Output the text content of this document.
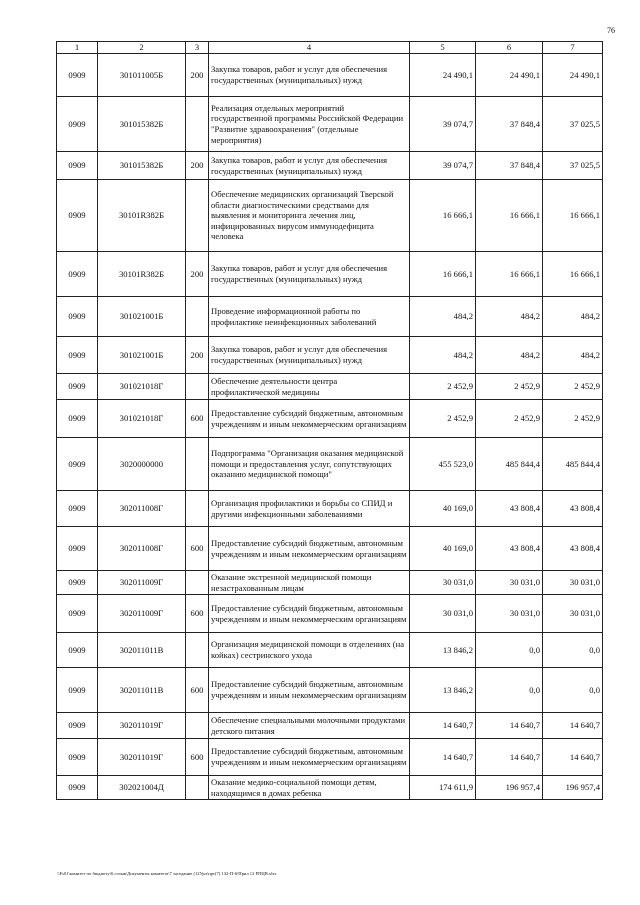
76
1	2	3	4	5	6	7
0909	301011005Б	200	Закупка товаров, работ и услуг для обеспечения государственных (муниципальных) нужд	24 490,1	24 490,1	24 490,1
0909	301015382Б		Реализация отдельных мероприятий государственной программы Российской Федерации "Развитие здравоохранения" (отдельные мероприятия)	39 074,7	37 848,4	37 025,5
0909	301015382Б	200	Закупка товаров, работ и услуг для обеспечения государственных (муниципальных) нужд	39 074,7	37 848,4	37 025,5
0909	30101R382Б		Обеспечение медицинских организаций Тверской области диагностическими средствами для выявления и мониторинга лечения лиц, инфицированных вирусом иммунодефицита человека	16 666,1	16 666,1	16 666,1
0909	30101R382Б	200	Закупка товаров, работ и услуг для обеспечения государственных (муниципальных) нужд	16 666,1	16 666,1	16 666,1
0909	301021001Б		Проведение информационной работы по профилактике неинфекционных заболеваний	484,2	484,2	484,2
0909	301021001Б	200	Закупка товаров, работ и услуг для обеспечения государственных (муниципальных) нужд	484,2	484,2	484,2
0909	301021018Г		Обеспечение деятельности центра профилактической медицины	2 452,9	2 452,9	2 452,9
0909	301021018Г	600	Предоставление субсидий бюджетным, автономным учреждениям и иным некоммерческим организациям	2 452,9	2 452,9	2 452,9
0909	3020000000		Подпрограмма "Организация оказания медицинской помощи и предоставления услуг, сопутствующих оказанию медицинской помощи"	455 523,0	485 844,4	485 844,4
0909	302011008Г		Организация профилактики и борьбы со СПИД и другими инфекционными заболеваниями	40 169,0	43 808,4	43 808,4
0909	302011008Г	600	Предоставление субсидий бюджетным, автономным учреждениям и иным некоммерческим организациям	40 169,0	43 808,4	43 808,4
0909	302011009Г		Оказание экстренной медицинской помощи незастрахованным лицам	30 031,0	30 031,0	30 031,0
0909	302011009Г	600	Предоставление субсидий бюджетным, автономным учреждениям и иным некоммерческим организациям	30 031,0	30 031,0	30 031,0
0909	302011011В		Организация медицинской помощи в отделениях (на койках) сестринского ухода	13 846,2	0,0	0,0
0909	302011011В	600	Предоставление субсидий бюджетным, автономным учреждениям и иным некоммерческим организациям	13 846,2	0,0	0,0
0909	302011019Г		Обеспечение специальными молочными продуктами детского питания	14 640,7	14 640,7	14 640,7
0909	302011019Г	600	Предоставление субсидий бюджетным, автономным учреждениям и иным некоммерческим организациям	14 640,7	14 640,7	14 640,7
0909	302021004Д		Оказание медико-социальной помощи детям, находящимся в домах ребенка	174 611,9	196 957,4	196 957,4
\\Fs01\комитет по бюджету\6 созыв\Документы комитета\7 заседание (12Урл\прт(7) 132-П-6\Прил 12 РПЦВ.xlsx
